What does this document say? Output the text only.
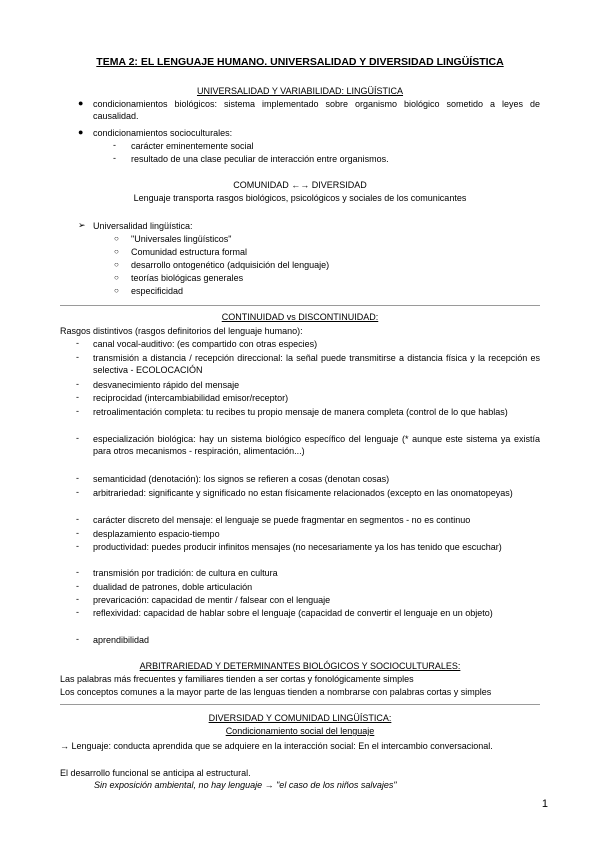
TEMA 2: EL LENGUAJE HUMANO. UNIVERSALIDAD Y DIVERSIDAD LINGÜÍSTICA
UNIVERSALIDAD Y VARIABILIDAD: LINGÜÍSTICA
● condicionamientos biológicos: sistema implementado sobre organismo biológico sometido a leyes de causalidad.
● condicionamientos socioculturales:
- carácter eminentemente social
- resultado de una clase peculiar de interacción entre organismos.
COMUNIDAD ←→ DIVERSIDAD
Lenguaje transporta rasgos biológicos, psicológicos y sociales de los comunicantes
➢ Universalidad lingüística:
○ "Universales lingüísticos"
○ Comunidad estructura formal
○ desarrollo ontogenético (adquisición del lenguaje)
○ teorías biológicas generales
○ especificidad
CONTINUIDAD vs DISCONTINUIDAD:
Rasgos distintivos (rasgos definitorios del lenguaje humano):
- canal vocal-auditivo: (es compartido con otras especies)
- transmisión a distancia / recepción direccional: la señal puede transmitirse a distancia física y la recepción es selectiva - ECOLOCACIÓN
- desvanecimiento rápido del mensaje
- reciprocidad (intercambiabilidad emisor/receptor)
- retroalimentación completa: tu recibes tu propio mensaje de manera completa (control de lo que hablas)
- especialización biológica: hay un sistema biológico específico del lenguaje (* aunque este sistema ya existía para otros mecanismos - respiración, alimentación...)
- semanticidad (denotación): los signos se refieren a cosas (denotan cosas)
- arbitrariedad: significante y significado no estan físicamente relacionados (excepto en las onomatopeyas)
- carácter discreto del mensaje: el lenguaje se puede fragmentar en segmentos - no es continuo
- desplazamiento espacio-tiempo
- productividad: puedes producir infinitos mensajes (no necesariamente ya los has tenido que escuchar)
- transmisión por tradición: de cultura en cultura
- dualidad de patrones, doble articulación
- prevaricación: capacidad de mentir / falsear con el lenguaje
- reflexividad: capacidad de hablar sobre el lenguaje (capacidad de convertir el lenguaje en un objeto)
- aprendibilidad
ARBITRARIEDAD Y DETERMINANTES BIOLÓGICOS Y SOCIOCULTURALES:
Las palabras más frecuentes y familiares tienden a ser cortas y fonológicamente simples
Los conceptos comunes a la mayor parte de las lenguas tienden a nombrarse con palabras cortas y simples
DIVERSIDAD Y COMUNIDAD LINGÜÍSTICA:
Condicionamiento social del lenguaje
→ Lenguaje: conducta aprendida que se adquiere en la interacción social: En el intercambio conversacional.
El desarrollo funcional se anticipa al estructural.
Sin exposición ambiental, no hay lenguaje → "el caso de los niños salvajes"
1
